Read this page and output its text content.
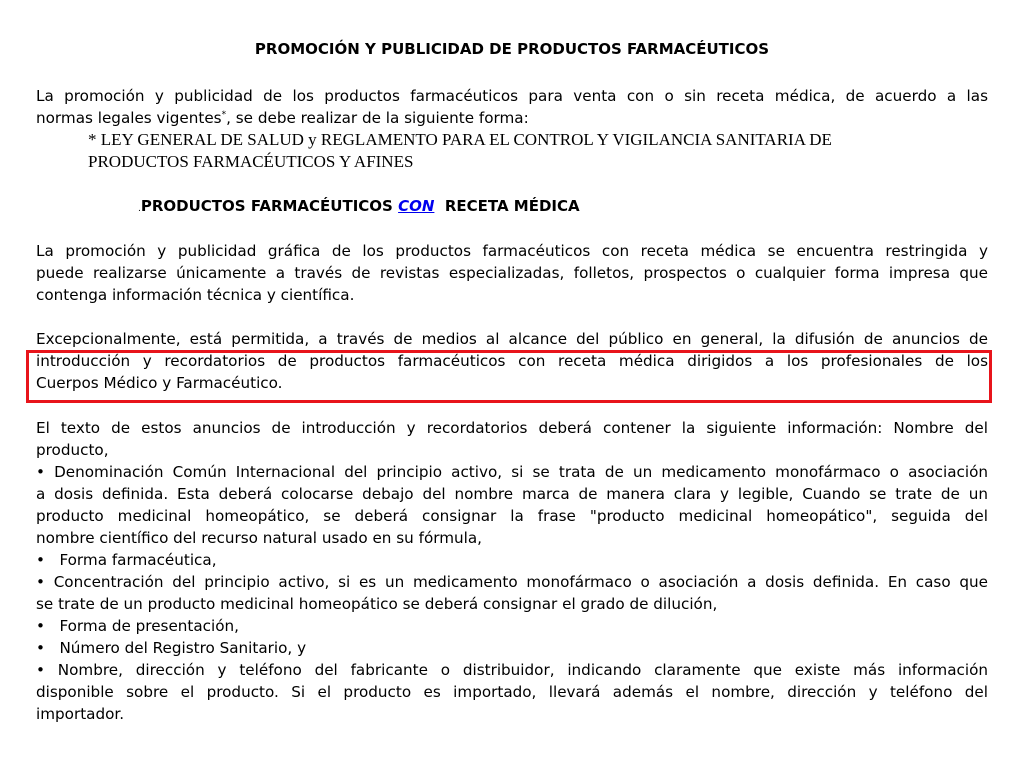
PROMOCIÓN Y PUBLICIDAD DE PRODUCTOS FARMACÉUTICOS
La promoción y publicidad de los productos farmacéuticos para venta con o sin receta médica, de acuerdo a las
normas legales vigentes*, se debe realizar de la siguiente forma:
* LEY GENERAL DE SALUD y REGLAMENTO PARA EL CONTROL Y VIGILANCIA SANITARIA DE
PRODUCTOS FARMACÉUTICOS Y AFINES
.PRODUCTOS FARMACÉUTICOS CON  RECETA MÉDICA
La promoción y publicidad gráfica de los productos farmacéuticos con receta médica se encuentra restringida y
puede realizarse únicamente a través de revistas especializadas, folletos, prospectos o cualquier forma impresa que
contenga información técnica y científica.
Excepcionalmente, está permitida, a través de medios al alcance del público en general, la difusión de anuncios de
introducción y recordatorios de productos farmacéuticos con receta médica dirigidos a los profesionales de los
Cuerpos Médico y Farmacéutico.
El texto de estos anuncios de introducción y recordatorios deberá contener la siguiente información: Nombre del
producto,
• Denominación Común Internacional del principio activo, si se trata de un medicamento monofármaco o asociación
a dosis definida. Esta deberá colocarse debajo del nombre marca de manera clara y legible, Cuando se trate de un
producto medicinal homeopático, se deberá consignar la frase "producto medicinal homeopático", seguida del
nombre científico del recurso natural usado en su fórmula,
•   Forma farmacéutica,
• Concentración del principio activo, si es un medicamento monofármaco o asociación a dosis definida. En caso que
se trate de un producto medicinal homeopático se deberá consignar el grado de dilución,
•   Forma de presentación,
•   Número del Registro Sanitario, y
• Nombre, dirección y teléfono del fabricante o distribuidor, indicando claramente que existe más información
disponible sobre el producto. Si el producto es importado, llevará además el nombre, dirección y teléfono del
importador.
